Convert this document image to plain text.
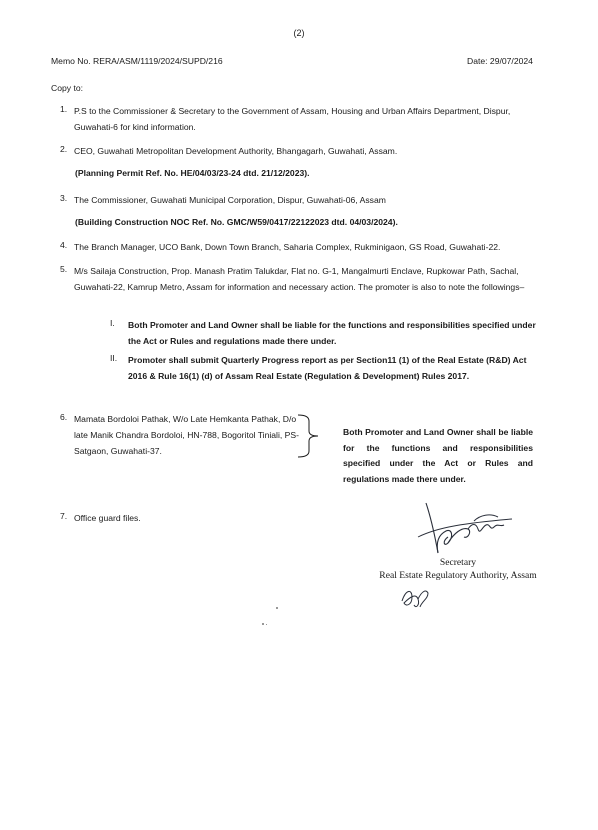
(2)
Memo No. RERA/ASM/1119/2024/SUPD/216	Date: 29/07/2024
Copy to:
1. P.S to the Commissioner & Secretary to the Government of Assam, Housing and Urban Affairs Department, Dispur, Guwahati-6 for kind information.
2. CEO, Guwahati Metropolitan Development Authority, Bhangagarh, Guwahati, Assam.
(Planning Permit Ref. No. HE/04/03/23-24 dtd. 21/12/2023).
3. The Commissioner, Guwahati Municipal Corporation, Dispur, Guwahati-06, Assam
(Building Construction NOC Ref. No. GMC/W59/0417/22122023 dtd. 04/03/2024).
4. The Branch Manager, UCO Bank, Down Town Branch, Saharia Complex, Rukminigaon, GS Road, Guwahati-22.
5. M/s Sailaja Construction, Prop. Manash Pratim Talukdar, Flat no. G-1, Mangalmurti Enclave, Rupkowar Path, Sachal, Guwahati-22, Kamrup Metro, Assam for information and necessary action. The promoter is also to note the followings–
I.	Both Promoter and Land Owner shall be liable for the functions and responsibilities specified under the Act or Rules and regulations made there under.
II.	Promoter shall submit Quarterly Progress report as per Section11 (1) of the Real Estate (R&D) Act 2016 & Rule 16(1) (d) of Assam Real Estate (Regulation & Development) Rules 2017.
6. Mamata Bordoloi Pathak, W/o Late Hemkanta Pathak, D/o late Manik Chandra Bordoloi, HN-788, Bogoritol Tiniali, PS- Satgaon, Guwahati-37.
Both Promoter and Land Owner shall be liable for the functions and responsibilities specified under the Act or Rules and regulations made there under.
7. Office guard files.
Secretary
Real Estate Regulatory Authority, Assam
